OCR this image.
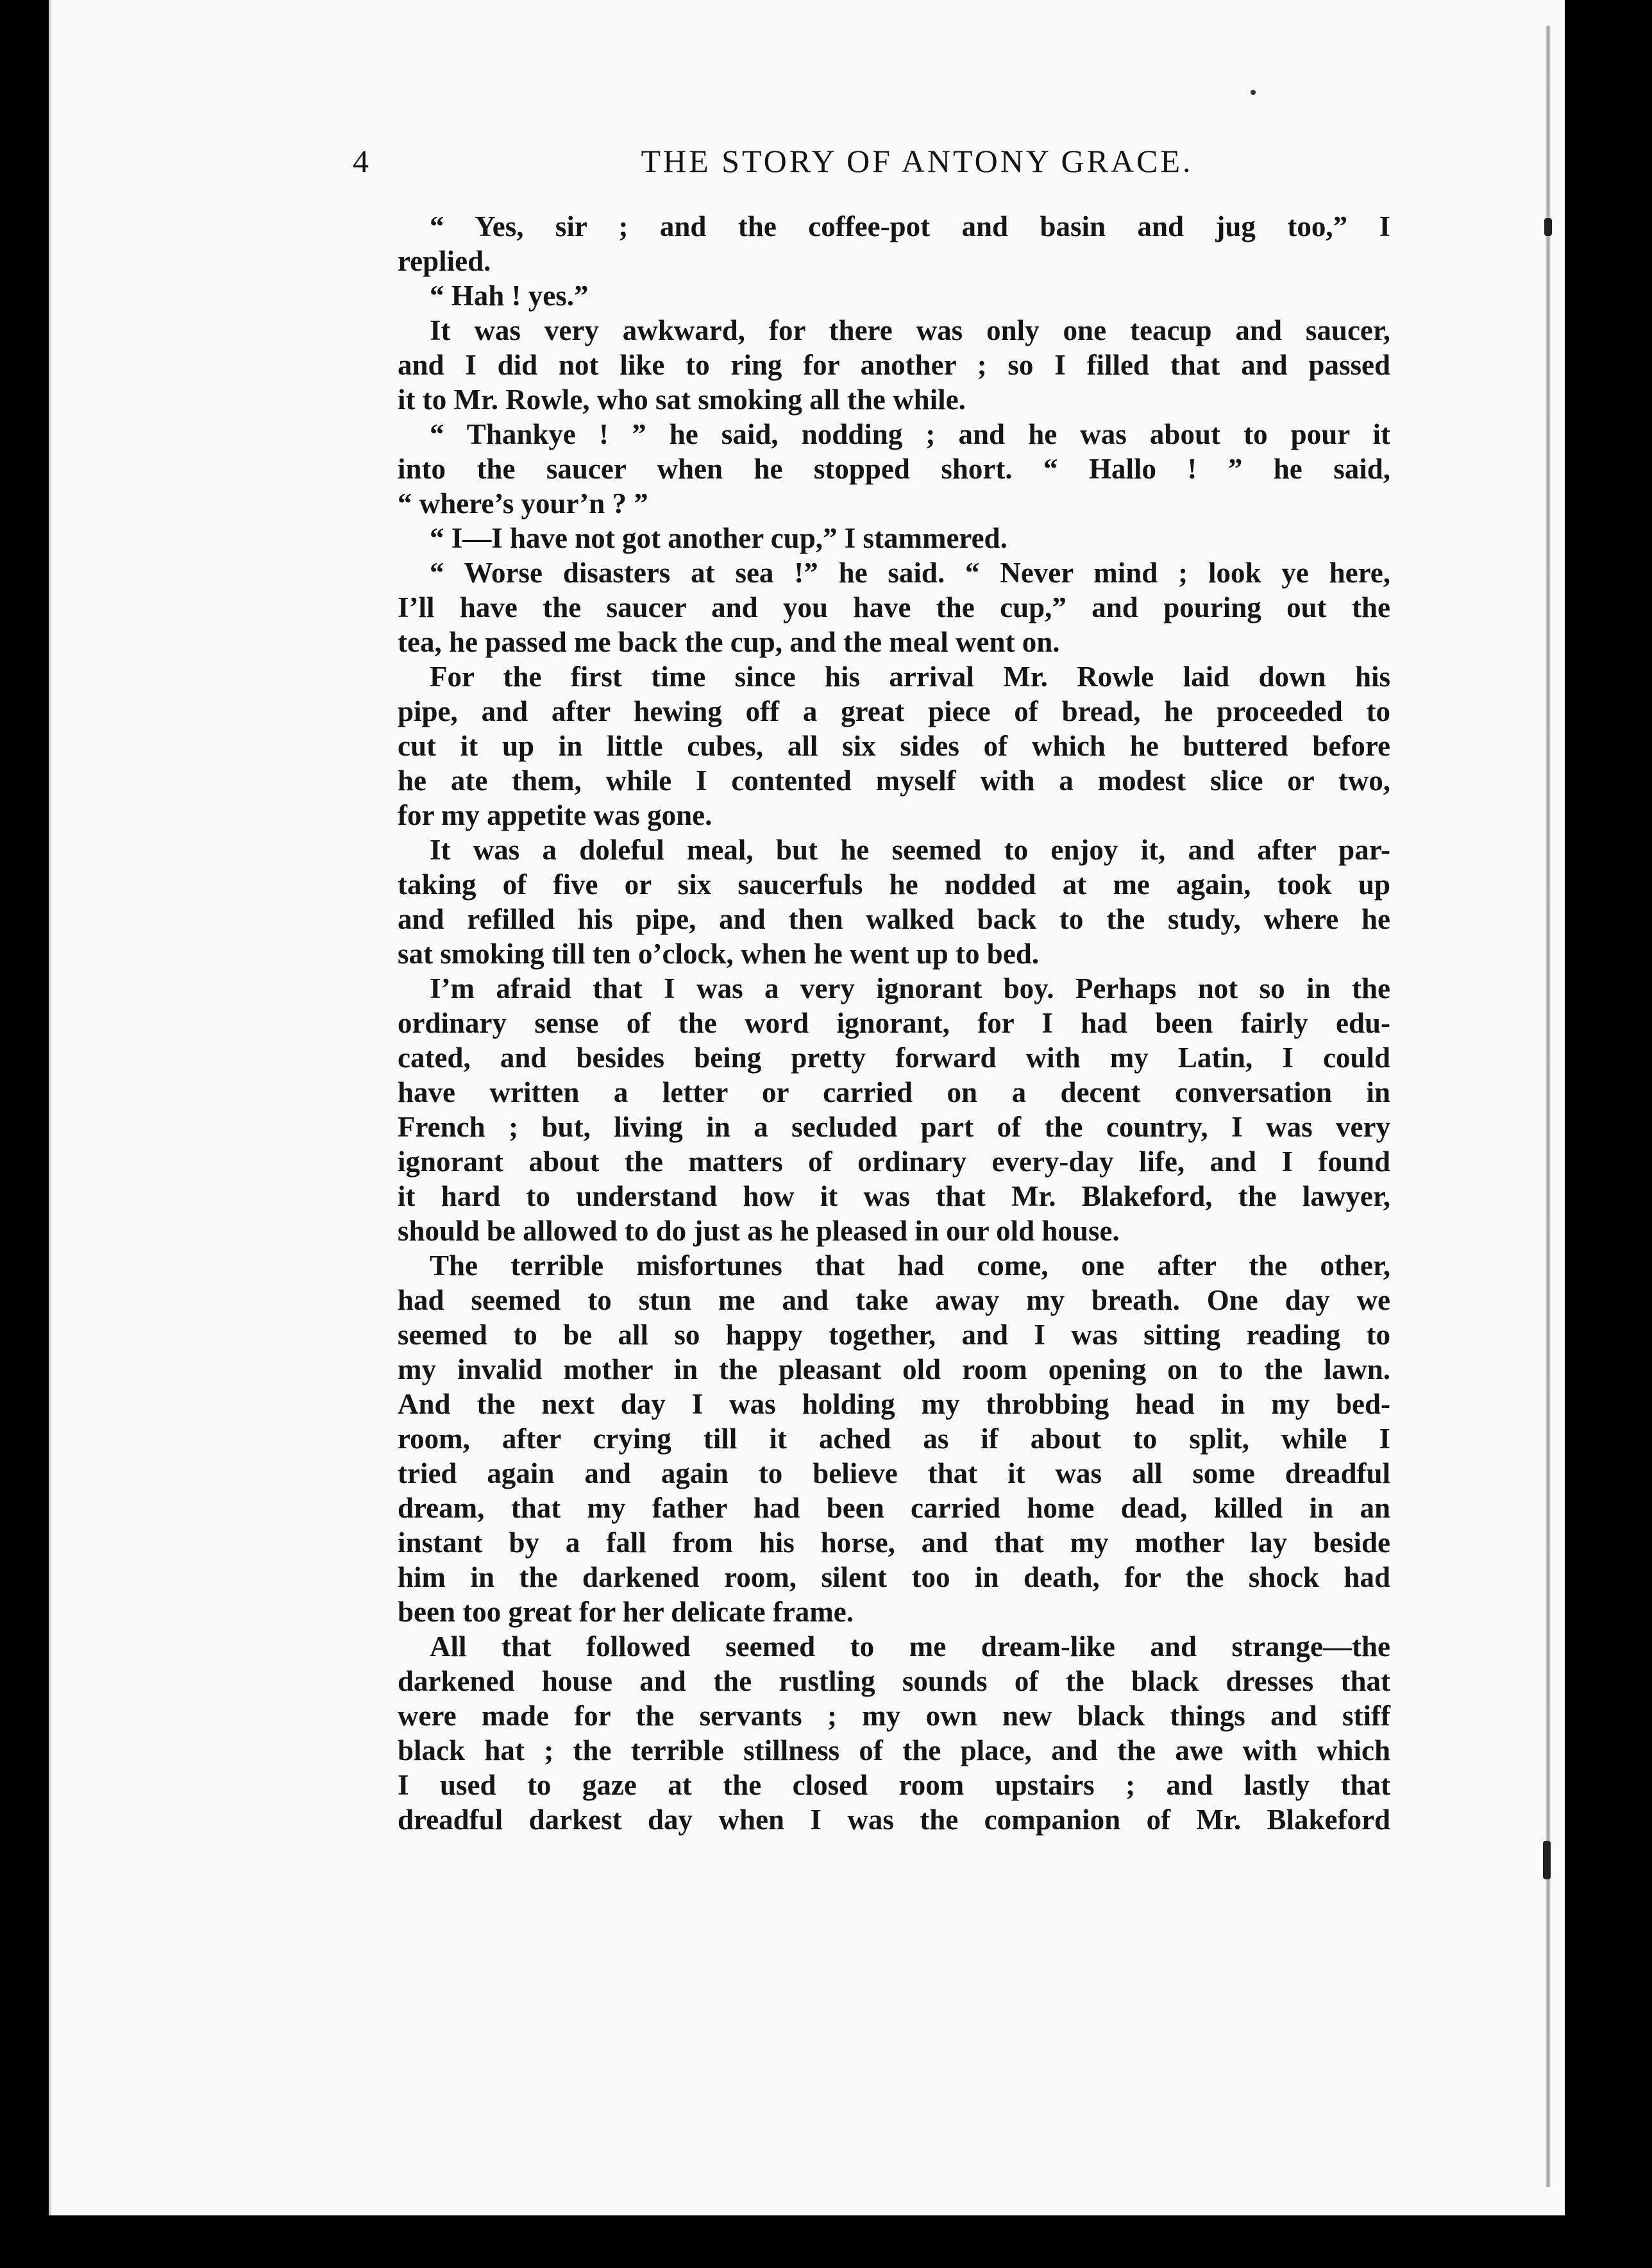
4	THE STORY OF ANTONY GRACE.
“ Yes, sir ; and the coffee-pot and basin and jug too,” I
replied.
“ Hah ! yes.”
It was very awkward, for there was only one teacup and saucer,
and I did not like to ring for another ; so I filled that and passed
it to Mr. Rowle, who sat smoking all the while.
“ Thankye ! ” he said, nodding ; and he was about to pour it
into the saucer when he stopped short. “ Hallo ! ” he said,
“ where’s your’n ? ”
“ I—I have not got another cup,” I stammered.
“ Worse disasters at sea !” he said. “ Never mind ; look ye here,
I’ll have the saucer and you have the cup,” and pouring out the
tea, he passed me back the cup, and the meal went on.
For the first time since his arrival Mr. Rowle laid down his
pipe, and after hewing off a great piece of bread, he proceeded to
cut it up in little cubes, all six sides of which he buttered before
he ate them, while I contented myself with a modest slice or two,
for my appetite was gone.
It was a doleful meal, but he seemed to enjoy it, and after par-
taking of five or six saucerfuls he nodded at me again, took up
and refilled his pipe, and then walked back to the study, where he
sat smoking till ten o’clock, when he went up to bed.
I’m afraid that I was a very ignorant boy. Perhaps not so in the
ordinary sense of the word ignorant, for I had been fairly edu-
cated, and besides being pretty forward with my Latin, I could
have written a letter or carried on a decent conversation in
French ; but, living in a secluded part of the country, I was very
ignorant about the matters of ordinary every-day life, and I found
it hard to understand how it was that Mr. Blakeford, the lawyer,
should be allowed to do just as he pleased in our old house.
The terrible misfortunes that had come, one after the other,
had seemed to stun me and take away my breath. One day we
seemed to be all so happy together, and I was sitting reading to
my invalid mother in the pleasant old room opening on to the lawn.
And the next day I was holding my throbbing head in my bed-
room, after crying till it ached as if about to split, while I
tried again and again to believe that it was all some dreadful
dream, that my father had been carried home dead, killed in an
instant by a fall from his horse, and that my mother lay beside
him in the darkened room, silent too in death, for the shock had
been too great for her delicate frame.
All that followed seemed to me dream-like and strange—the
darkened house and the rustling sounds of the black dresses that
were made for the servants ; my own new black things and stiff
black hat ; the terrible stillness of the place, and the awe with which
I used to gaze at the closed room upstairs ; and lastly that
dreadful darkest day when I was the companion of Mr. Blakeford
